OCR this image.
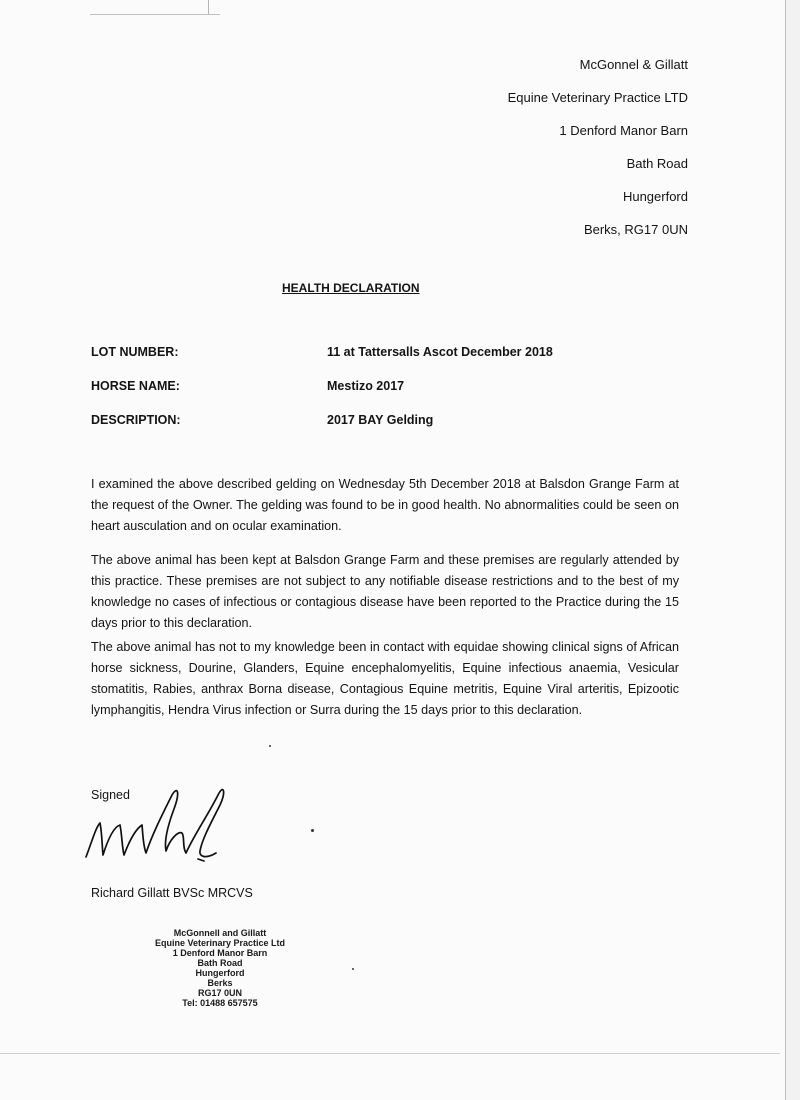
McGonnel & Gillatt
Equine Veterinary Practice LTD
1 Denford Manor Barn
Bath Road
Hungerford
Berks, RG17 0UN
HEALTH DECLARATION
LOT NUMBER:	11 at Tattersalls Ascot December 2018
HORSE NAME:	Mestizo 2017
DESCRIPTION:	2017 BAY Gelding
I examined the above described gelding on Wednesday 5th December 2018 at Balsdon Grange Farm at the request of the Owner. The gelding was found to be in good health. No abnormalities could be seen on heart ausculation and on ocular examination.
The above animal has been kept at Balsdon Grange Farm and these premises are regularly attended by this practice. These premises are not subject to any notifiable disease restrictions and to the best of my knowledge no cases of infectious or contagious disease have been reported to the Practice during the 15 days prior to this declaration.
The above animal has not to my knowledge been in contact with equidae showing clinical signs of African horse sickness, Dourine, Glanders, Equine encephalomyelitis, Equine infectious anaemia, Vesicular stomatitis, Rabies, anthrax Borna disease, Contagious Equine metritis, Equine Viral arteritis, Epizootic lymphangitis, Hendra Virus infection or Surra during the 15 days prior to this declaration.
Signed
Richard Gillatt BVSc MRCVS
McGonnell and Gillatt
Equine Veterinary Practice Ltd
1 Denford Manor Barn
Bath Road
Hungerford
Berks
RG17 0UN
Tel: 01488 657575
